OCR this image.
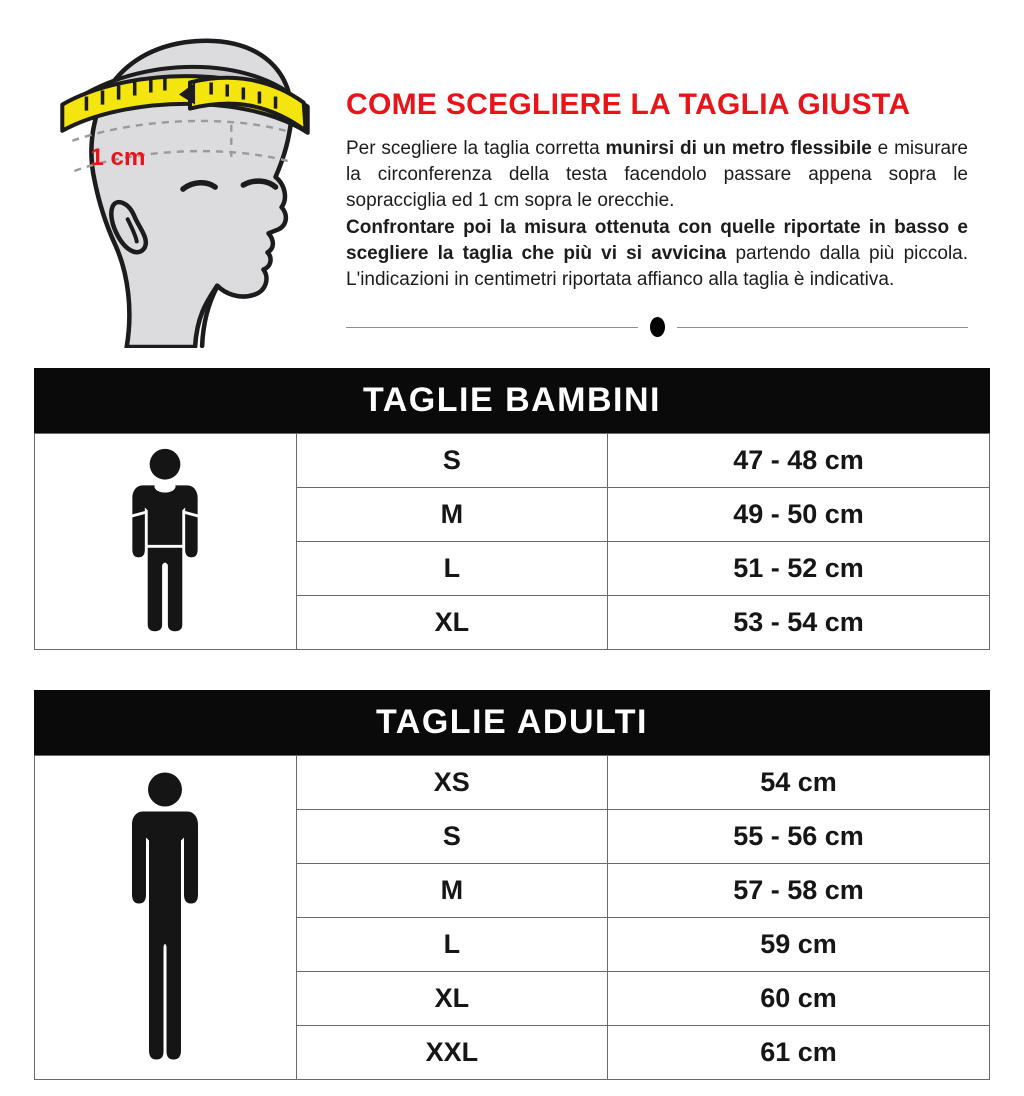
1 cm
COME SCEGLIERE LA TAGLIA GIUSTA

Per scegliere la taglia corretta munirsi di un metro flessibile e misurare la circonferenza della testa facendolo passare appena sopra le sopracciglia ed 1 cm sopra le orecchie.

Confrontare poi la misura ottenuta con quelle riportate in basso e scegliere la taglia che più vi si avvicina partendo dalla più piccola. L'indicazioni in centimetri riportata affianco alla taglia è indicativa.

TAGLIE BAMBINI
	S	47 - 48 cm
	M	49 - 50 cm
	L	51 - 52 cm
	XL	53 - 54 cm
TAGLIE ADULTI
	XS	54 cm
	S	55 - 56 cm
	M	57 - 58 cm
	L	59 cm
	XL	60 cm
	XXL	61 cm
